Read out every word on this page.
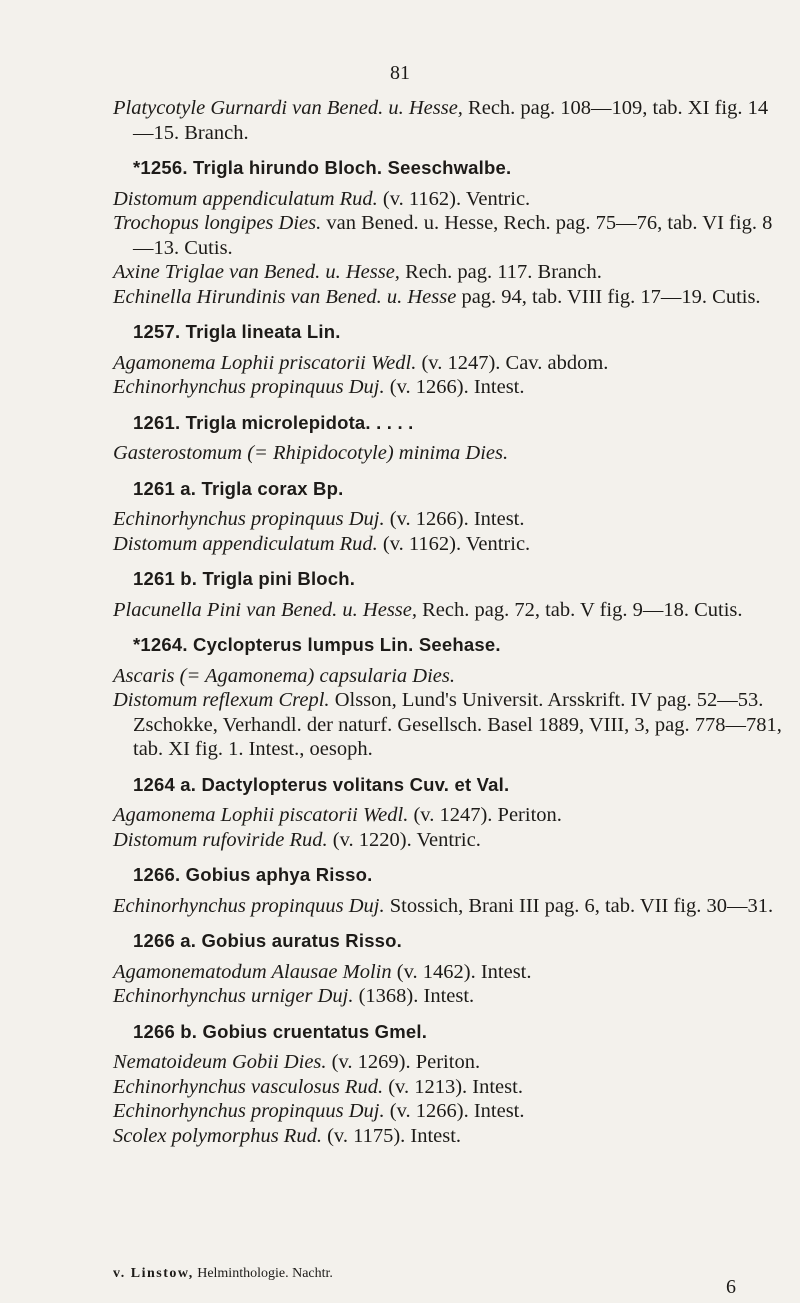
81

Platycotyle Gurnardi van Bened. u. Hesse, Rech. pag. 108—109, tab. XI fig. 14—15. Branch.

*1256. Trigla hirundo Bloch. Seeschwalbe.

Distomum appendiculatum Rud. (v. 1162). Ventric.

Trochopus longipes Dies. van Bened. u. Hesse, Rech. pag. 75—76, tab. VI fig. 8—13. Cutis.

Axine Triglae van Bened. u. Hesse, Rech. pag. 117. Branch.

Echinella Hirundinis van Bened. u. Hesse pag. 94, tab. VIII fig. 17—19. Cutis.

1257. Trigla lineata Lin.

Agamonema Lophii priscatorii Wedl. (v. 1247). Cav. abdom.

Echinorhynchus propinquus Duj. (v. 1266). Intest.

1261. Trigla microlepidota. . . . .

Gasterostomum (= Rhipidocotyle) minima Dies.

1261 a. Trigla corax Bp.

Echinorhynchus propinquus Duj. (v. 1266). Intest.

Distomum appendiculatum Rud. (v. 1162). Ventric.

1261 b. Trigla pini Bloch.

Placunella Pini van Bened. u. Hesse, Rech. pag. 72, tab. V fig. 9—18. Cutis.

*1264. Cyclopterus lumpus Lin. Seehase.

Ascaris (= Agamonema) capsularia Dies.

Distomum reflexum Crepl. Olsson, Lund's Universit. Arsskrift. IV pag. 52—53. Zschokke, Verhandl. der naturf. Gesellsch. Basel 1889, VIII, 3, pag. 778—781, tab. XI fig. 1. Intest., oesoph.

1264 a. Dactylopterus volitans Cuv. et Val.

Agamonema Lophii piscatorii Wedl. (v. 1247). Periton.

Distomum rufoviride Rud. (v. 1220). Ventric.

1266. Gobius aphya Risso.

Echinorhynchus propinquus Duj. Stossich, Brani III pag. 6, tab. VII fig. 30—31.

1266 a. Gobius auratus Risso.

Agamonematodum Alausae Molin (v. 1462). Intest.

Echinorhynchus urniger Duj. (1368). Intest.

1266 b. Gobius cruentatus Gmel.

Nematoideum Gobii Dies. (v. 1269). Periton.

Echinorhynchus vasculosus Rud. (v. 1213). Intest.

Echinorhynchus propinquus Duj. (v. 1266). Intest.

Scolex polymorphus Rud. (v. 1175). Intest.

v. Linstow, Helminthologie. Nachtr.
6
